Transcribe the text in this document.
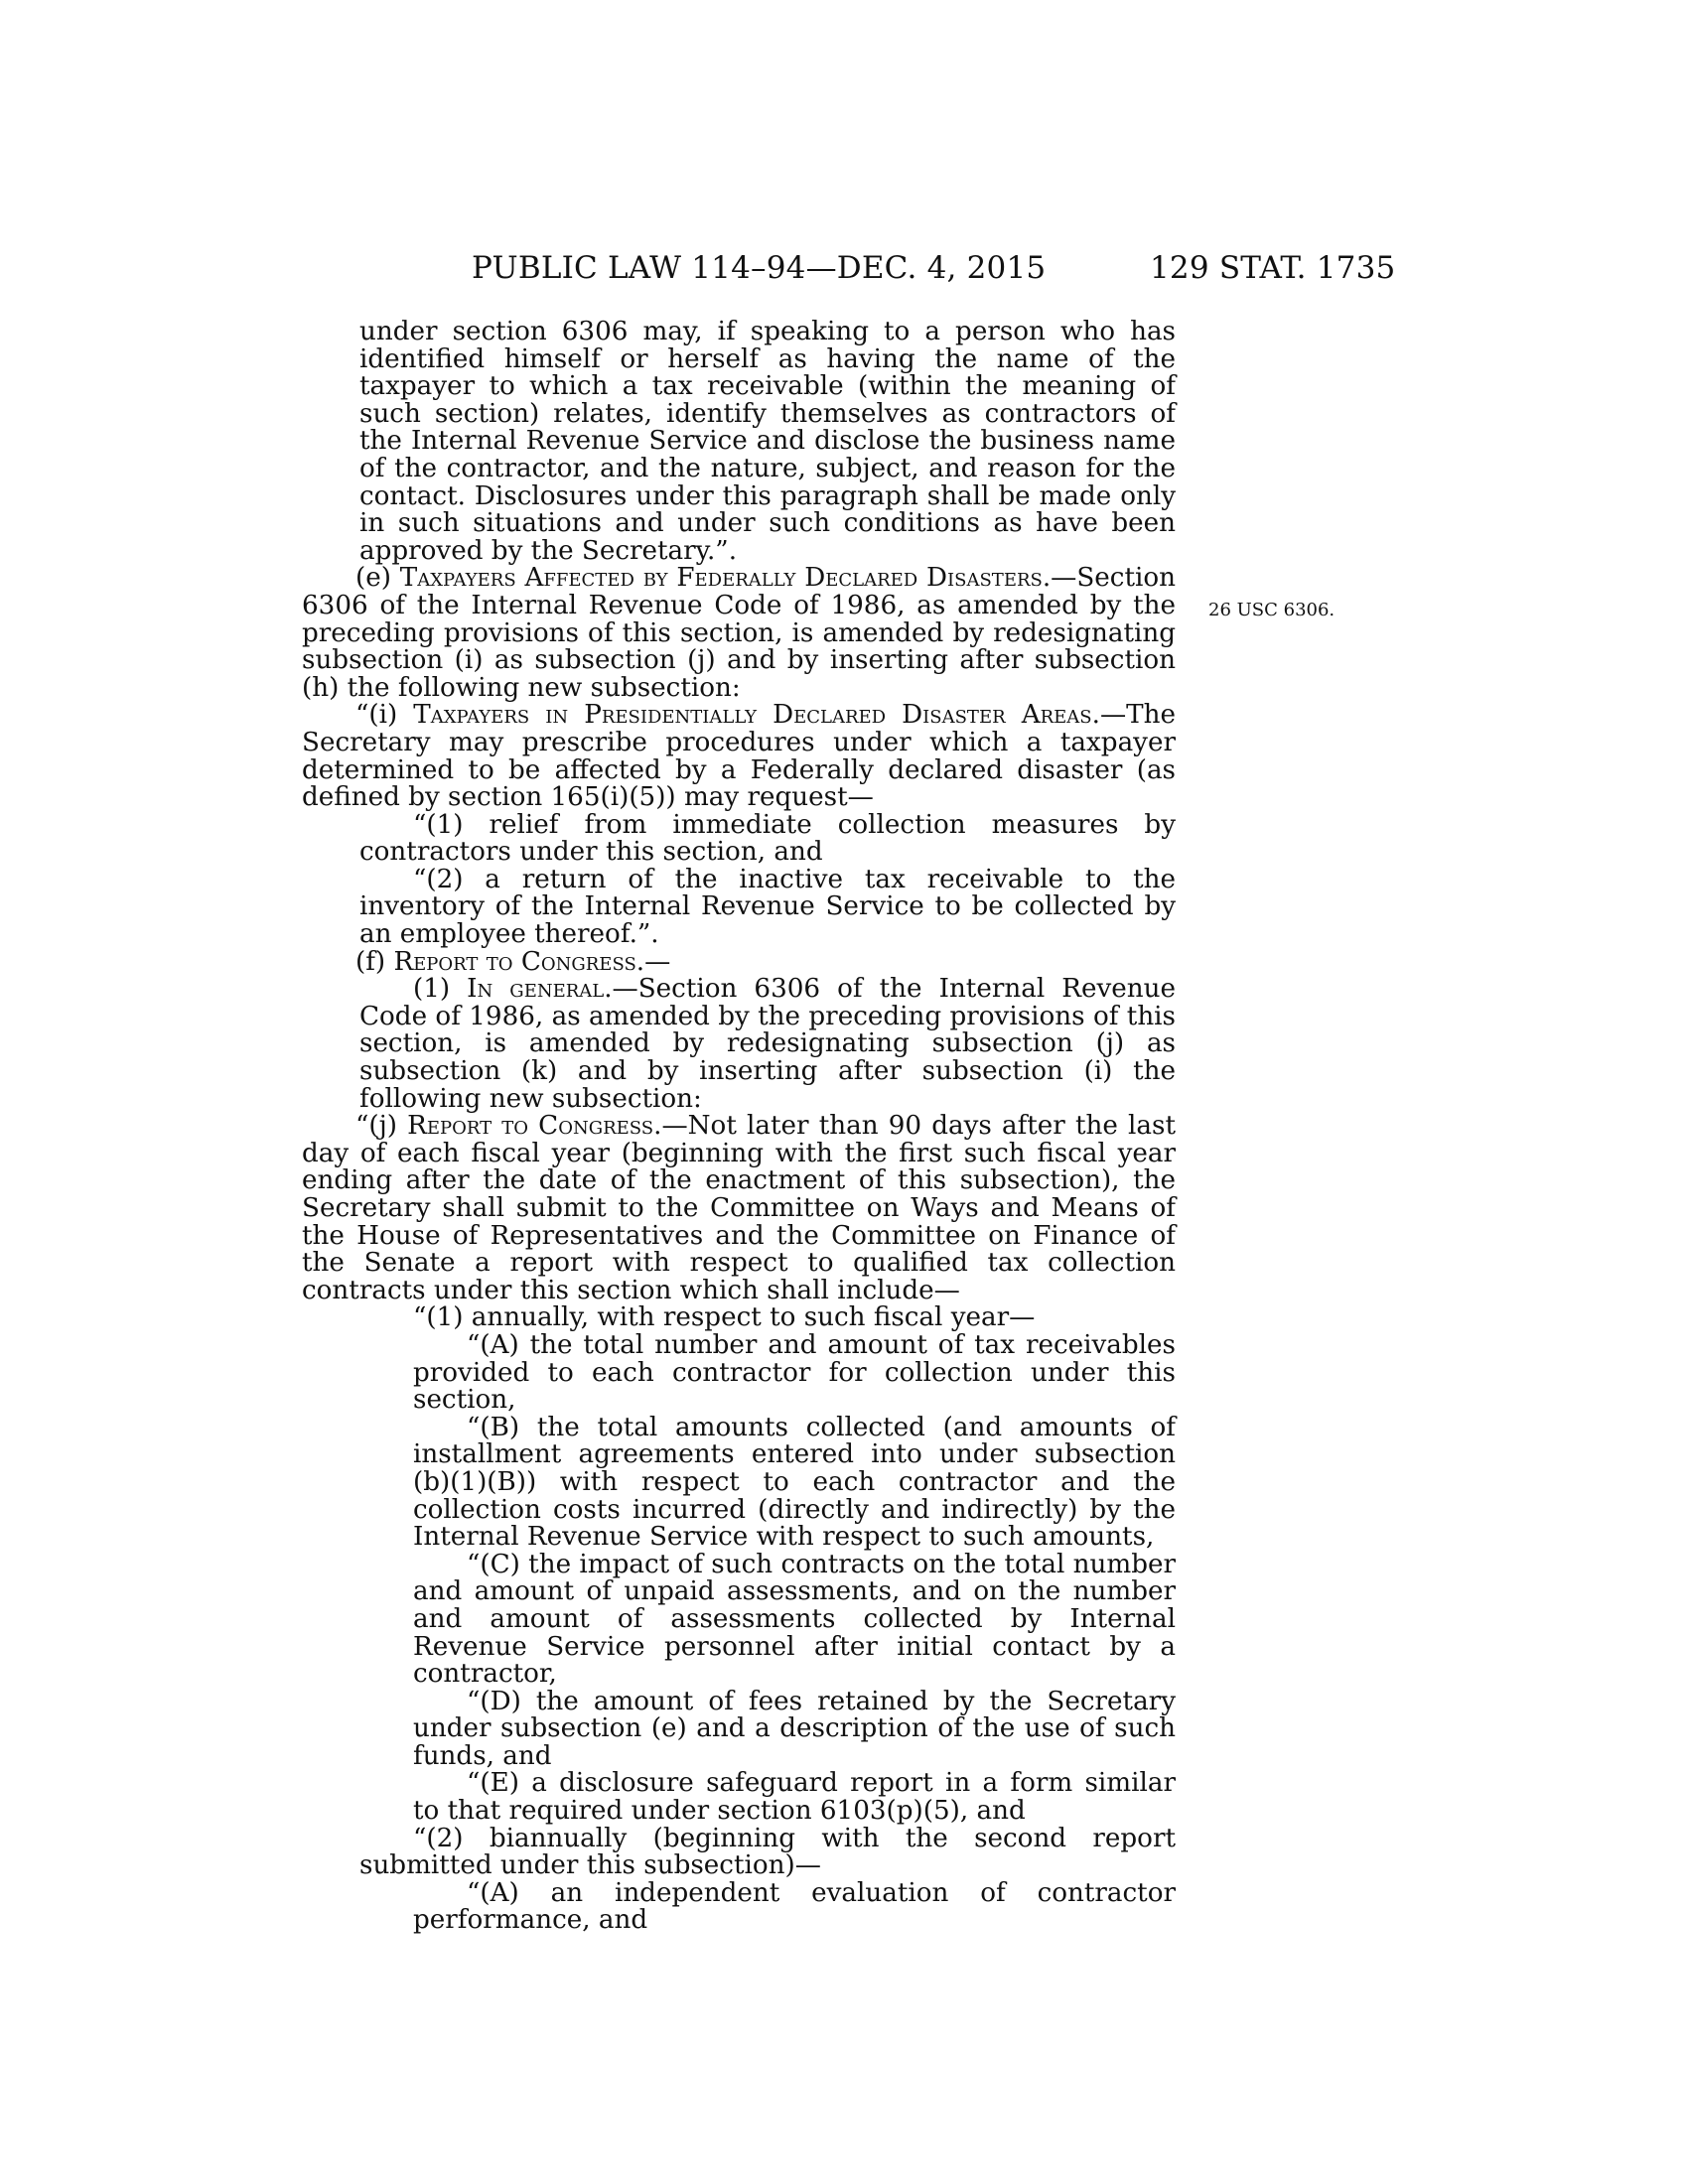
PUBLIC LAW 114–94—DEC. 4, 2015	129 STAT. 1735
26 USC 6306.

under section 6306 may, if speaking to a person who has identified himself or herself as having the name of the taxpayer to which a tax receivable (within the meaning of such section) relates, identify themselves as contractors of the Internal Revenue Service and disclose the business name of the contractor, and the nature, subject, and reason for the contact. Disclosures under this paragraph shall be made only in such situations and under such conditions as have been approved by the Secretary.”.

(e) Taxpayers Affected by Federally Declared Disasters.—Section 6306 of the Internal Revenue Code of 1986, as amended by the preceding provisions of this section, is amended by redesignating subsection (i) as subsection (j) and by inserting after subsection (h) the following new subsection:

“(i) Taxpayers in Presidentially Declared Disaster Areas.—The Secretary may prescribe procedures under which a taxpayer determined to be affected by a Federally declared disaster (as defined by section 165(i)(5)) may request—

“(1) relief from immediate collection measures by contractors under this section, and

“(2) a return of the inactive tax receivable to the inventory of the Internal Revenue Service to be collected by an employee thereof.”.

(f) Report to Congress.—

(1) In general.—Section 6306 of the Internal Revenue Code of 1986, as amended by the preceding provisions of this section, is amended by redesignating subsection (j) as subsection (k) and by inserting after subsection (i) the following new subsection:

“(j) Report to Congress.—Not later than 90 days after the last day of each fiscal year (beginning with the first such fiscal year ending after the date of the enactment of this subsection), the Secretary shall submit to the Committee on Ways and Means of the House of Representatives and the Committee on Finance of the Senate a report with respect to qualified tax collection contracts under this section which shall include—

“(1) annually, with respect to such fiscal year—

“(A) the total number and amount of tax receivables provided to each contractor for collection under this section,

“(B) the total amounts collected (and amounts of installment agreements entered into under subsection (b)(1)(B)) with respect to each contractor and the collection costs incurred (directly and indirectly) by the Internal Revenue Service with respect to such amounts,

“(C) the impact of such contracts on the total number and amount of unpaid assessments, and on the number and amount of assessments collected by Internal Revenue Service personnel after initial contact by a contractor,

“(D) the amount of fees retained by the Secretary under subsection (e) and a description of the use of such funds, and

“(E) a disclosure safeguard report in a form similar to that required under section 6103(p)(5), and

“(2) biannually (beginning with the second report submitted under this subsection)—

“(A) an independent evaluation of contractor performance, and
